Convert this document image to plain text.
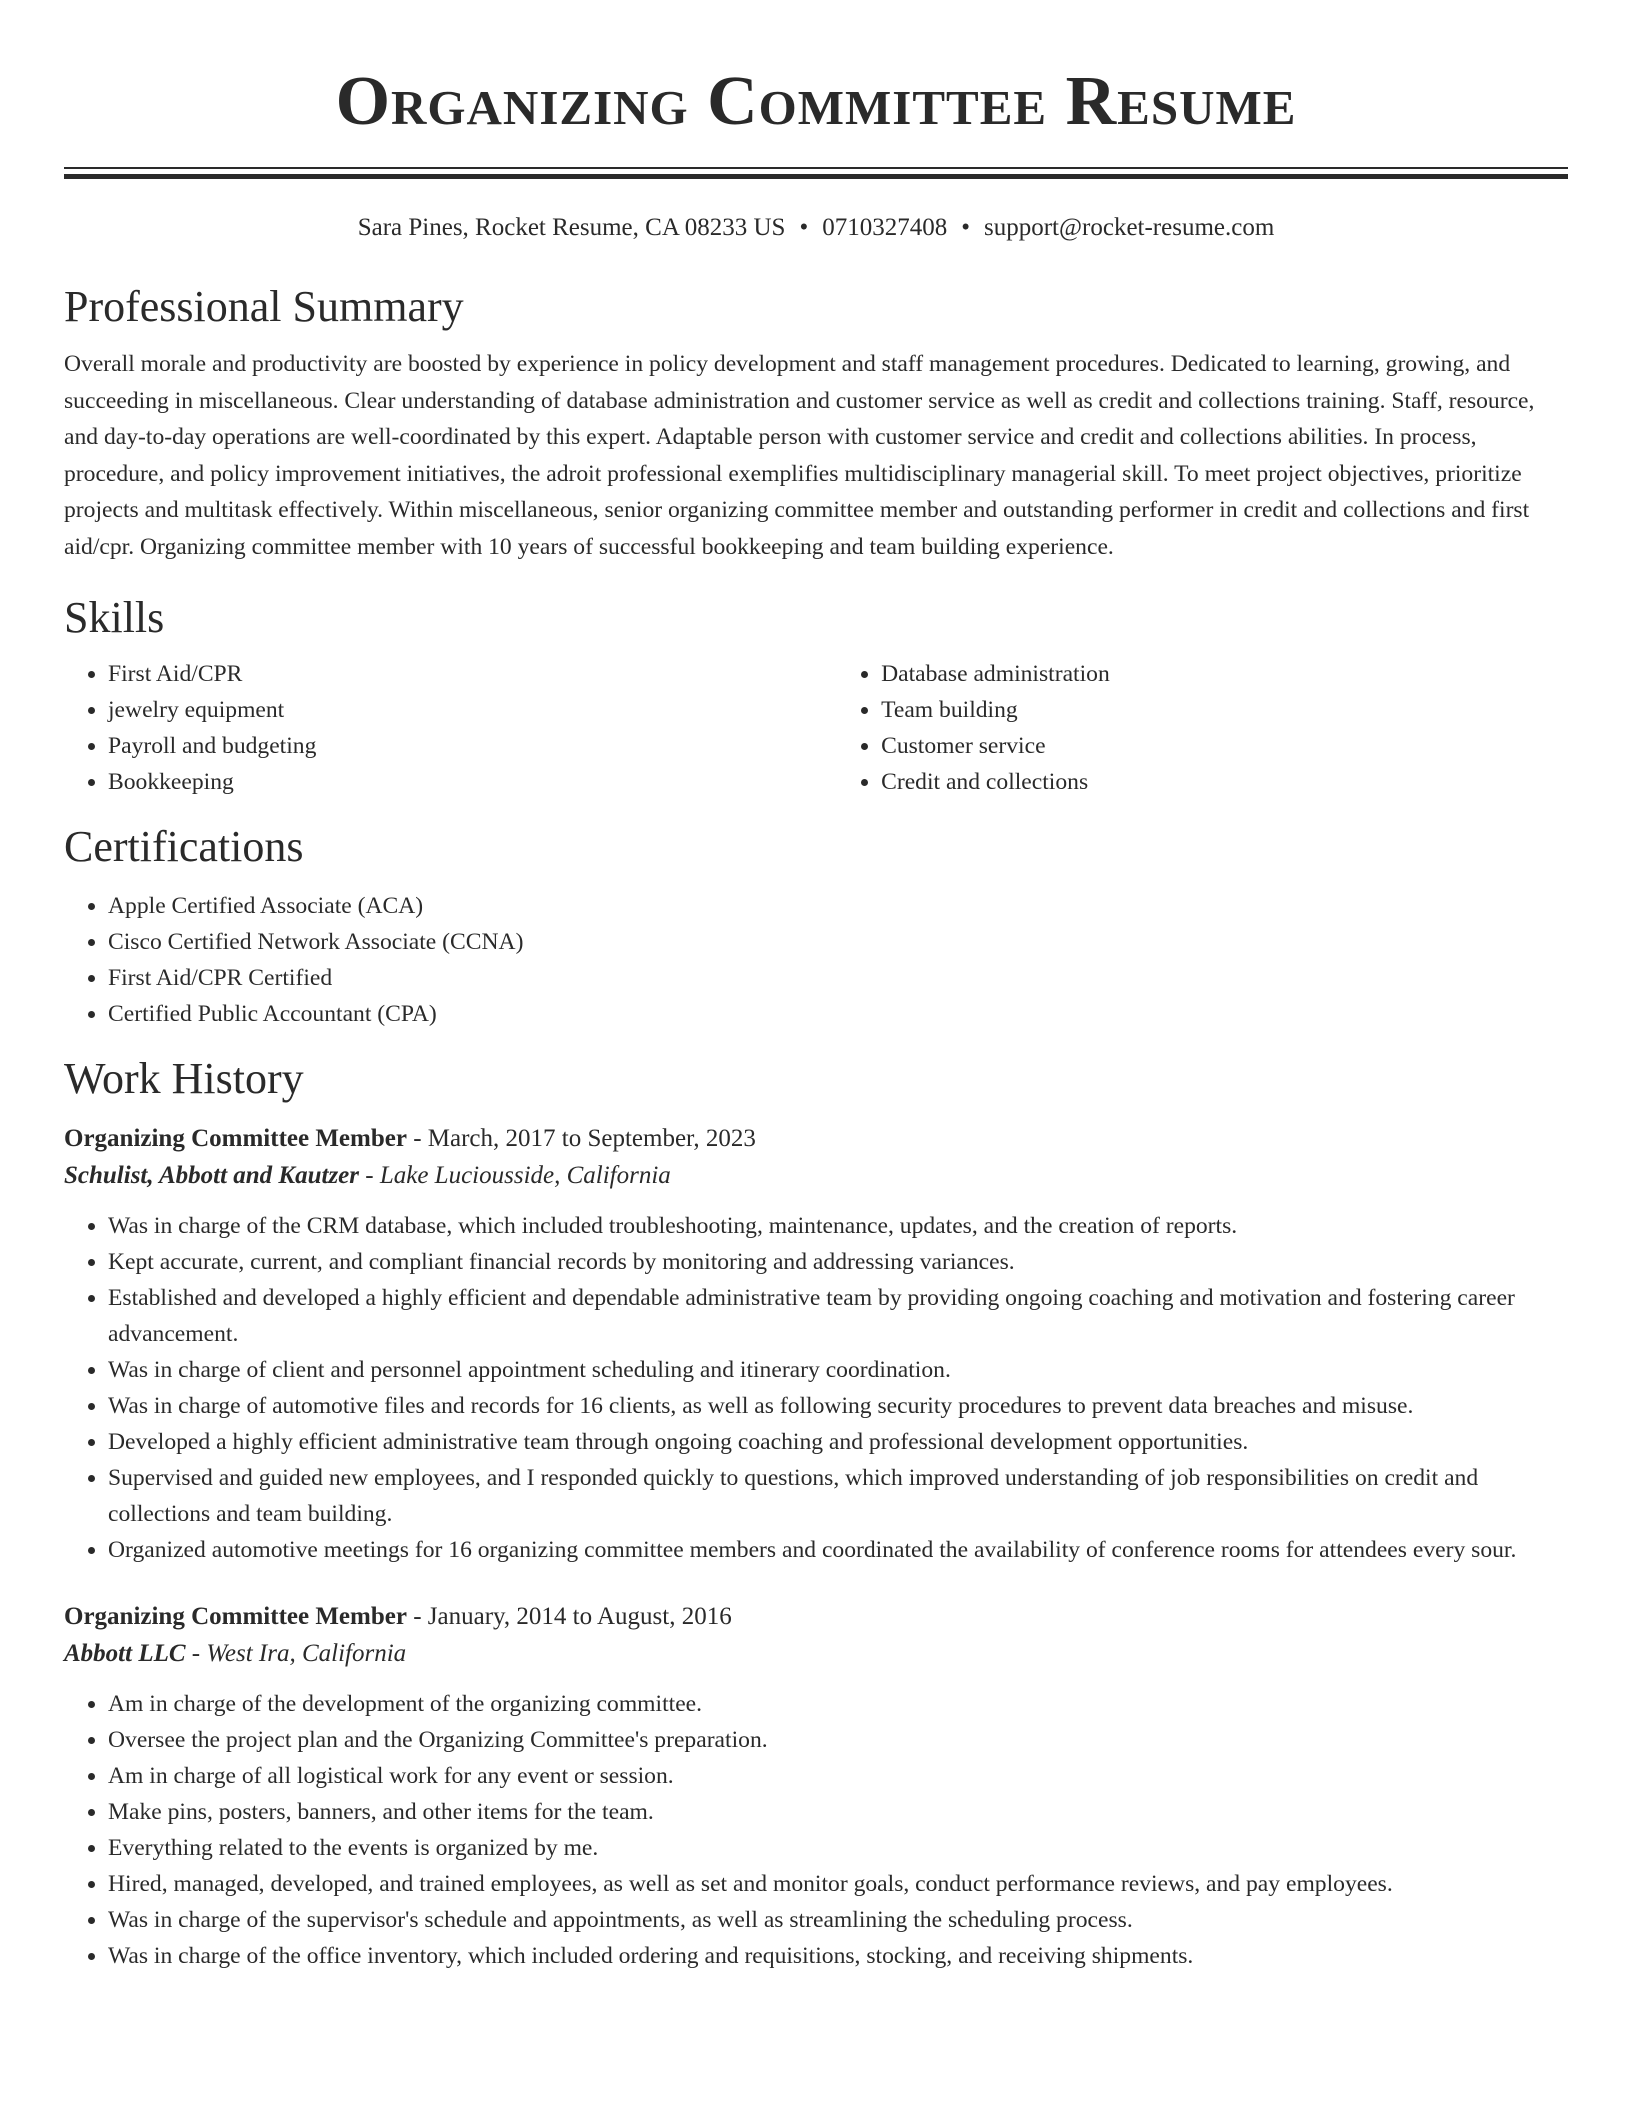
Organizing Committee Resume
Sara Pines, Rocket Resume, CA 08233 US • 0710327408 • support@rocket-resume.com
Professional Summary

Overall morale and productivity are boosted by experience in policy development and staff management procedures. Dedicated to learning, growing, and succeeding in miscellaneous. Clear understanding of database administration and customer service as well as credit and collections training. Staff, resource, and day-to-day operations are well-coordinated by this expert. Adaptable person with customer service and credit and collections abilities. In process, procedure, and policy improvement initiatives, the adroit professional exemplifies multidisciplinary managerial skill. To meet project objectives, prioritize projects and multitask effectively. Within miscellaneous, senior organizing committee member and outstanding performer in credit and collections and first aid/cpr. Organizing committee member with 10 years of successful bookkeeping and team building experience.

Skills
• First Aid/CPR
• jewelry equipment
• Payroll and budgeting
• Bookkeeping
• Database administration
• Team building
• Customer service
• Credit and collections
Certifications
• Apple Certified Associate (ACA)
• Cisco Certified Network Associate (CCNA)
• First Aid/CPR Certified
• Certified Public Accountant (CPA)
Work History
Organizing Committee Member - March, 2017 to September, 2023
Schulist, Abbott and Kautzer - Lake Luciousside, California
• Was in charge of the CRM database, which included troubleshooting, maintenance, updates, and the creation of reports.
• Kept accurate, current, and compliant financial records by monitoring and addressing variances.
• Established and developed a highly efficient and dependable administrative team by providing ongoing coaching and motivation and fostering career advancement.
• Was in charge of client and personnel appointment scheduling and itinerary coordination.
• Was in charge of automotive files and records for 16 clients, as well as following security procedures to prevent data breaches and misuse.
• Developed a highly efficient administrative team through ongoing coaching and professional development opportunities.
• Supervised and guided new employees, and I responded quickly to questions, which improved understanding of job responsibilities on credit and collections and team building.
• Organized automotive meetings for 16 organizing committee members and coordinated the availability of conference rooms for attendees every sour.
Organizing Committee Member - January, 2014 to August, 2016
Abbott LLC - West Ira, California
• Am in charge of the development of the organizing committee.
• Oversee the project plan and the Organizing Committee's preparation.
• Am in charge of all logistical work for any event or session.
• Make pins, posters, banners, and other items for the team.
• Everything related to the events is organized by me.
• Hired, managed, developed, and trained employees, as well as set and monitor goals, conduct performance reviews, and pay employees.
• Was in charge of the supervisor's schedule and appointments, as well as streamlining the scheduling process.
• Was in charge of the office inventory, which included ordering and requisitions, stocking, and receiving shipments.
